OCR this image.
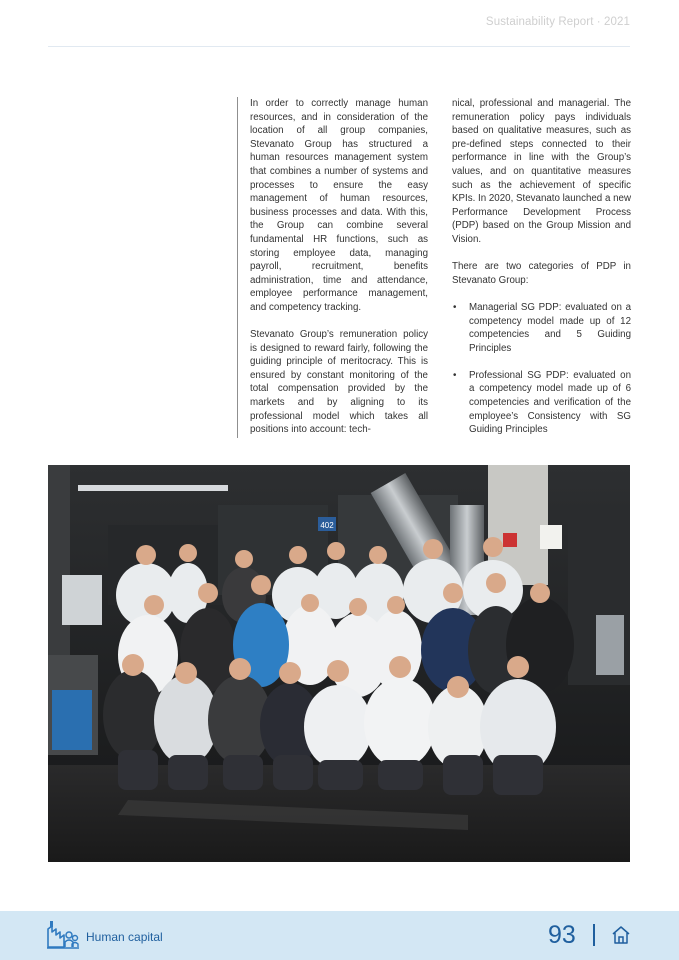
Sustainability Report · 2021

In order to correctly manage human resources, and in consideration of the location of all group companies, Stevanato Group has structured a human resources management system that combines a number of systems and processes to ensure the easy management of human resources, business processes and data. With this, the Group can combine several fundamental HR functions, such as storing employee data, managing payroll, recruitment, benefits administration, time and attendance, employee performance management, and competency tracking.

Stevanato Group’s remuneration policy is designed to reward fairly, following the guiding principle of meritocracy. This is ensured by constant monitoring of the total compensation provided by the markets and by aligning to its professional model which takes all positions into account: tech-

nical, professional and managerial. The remuneration policy pays individuals based on qualitative measures, such as pre-defined steps connected to their performance in line with the Group’s values, and on quantitative measures such as the achievement of specific KPIs. In 2020, Stevanato launched a new Performance Development Process (PDP) based on the Group Mission and Vision.

There are two categories of PDP in Stevanato Group:

• Managerial SG PDP: evaluated on a competency model made up of 12 competencies and 5 Guiding Principles
• Professional SG PDP: evaluated on a competency model made up of 6 competencies and verification of the employee’s Consistency with SG Guiding Principles
402
Human capital	93
